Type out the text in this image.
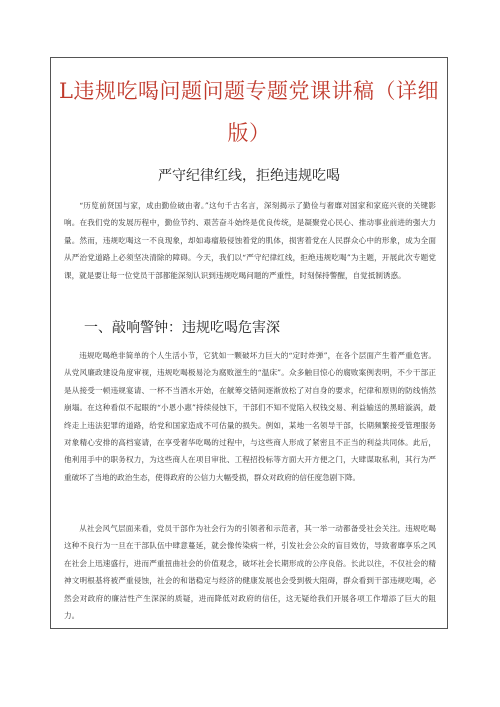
L违规吃喝问题问题专题党课讲稿（详细版）
严守纪律红线，拒绝违规吃喝

“历览前贤国与家，成由勤俭破由奢。”这句千古名言，深刻揭示了勤俭与奢靡对国家和家庭兴衰的关键影响。在我们党的发展历程中，勤俭节约、艰苦奋斗始终是优良传统，是凝聚党心民心、推动事业前进的强大力量。然而，违规吃喝这一不良现象，却如毒瘤般侵蚀着党的肌体，损害着党在人民群众心中的形象，成为全面从严治党道路上必须坚决清除的障碍。今天，我们以“严守纪律红线，拒绝违规吃喝”为主题，开展此次专题党课，就是要让每一位党员干部都能深刻认识到违规吃喝问题的严重性，时刻保持警醒，自觉抵制诱惑。

一、敲响警钟：违规吃喝危害深

违规吃喝绝非简单的个人生活小节，它犹如一颗破坏力巨大的“定时炸弹”，在各个层面产生着严重危害。从党风廉政建设角度审视，违规吃喝极易沦为腐败滋生的“温床”。众多触目惊心的腐败案例表明，不少干部正是从接受一顿违规宴请、一杯不当酒水开始，在觥筹交错间逐渐放松了对自身的要求，纪律和原则的防线悄然崩塌。在这种看似不起眼的“小恩小惠”持续侵蚀下，干部们不知不觉陷入权钱交易、利益输送的黑暗漩涡，最终走上违法犯罪的道路，给党和国家造成不可估量的损失。例如，某地一名领导干部，长期频繁接受管理服务对象精心安排的高档宴请，在享受奢华吃喝的过程中，与这些商人形成了紧密且不正当的利益共同体。此后，他利用手中的职务权力，为这些商人在项目审批、工程招投标等方面大开方便之门，大肆谋取私利，其行为严重破坏了当地的政治生态，使得政府的公信力大幅受损，群众对政府的信任度急剧下降。

从社会风气层面来看，党员干部作为社会行为的引领者和示范者，其一举一动都备受社会关注。违规吃喝这种不良行为一旦在干部队伍中肆意蔓延，就会像传染病一样，引发社会公众的盲目效仿，导致奢靡享乐之风在社会上迅速盛行，进而严重扭曲社会的价值观念，破坏社会长期形成的公序良俗。长此以往，不仅社会的精神文明根基将被严重侵蚀，社会的和谐稳定与经济的健康发展也会受到极大阻碍，群众看到干部违规吃喝，必然会对政府的廉洁性产生深深的质疑，进而降低对政府的信任，这无疑给我们开展各项工作增添了巨大的阻力。
